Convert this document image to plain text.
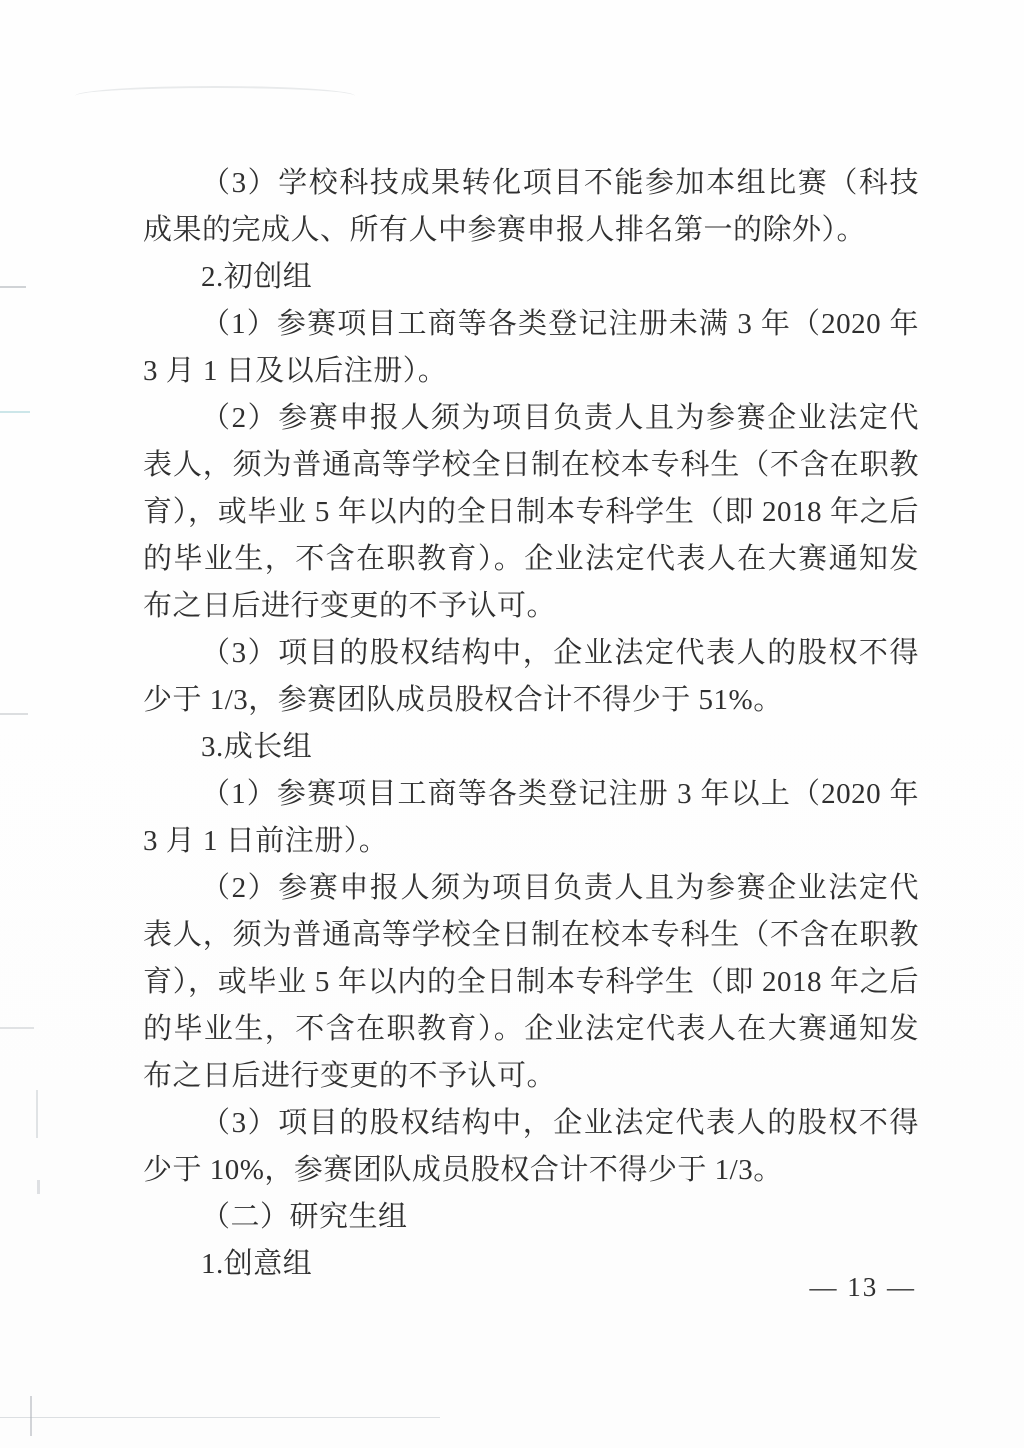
（3）学校科技成果转化项目不能参加本组比赛（科技成果的完成人、所有人中参赛申报人排名第一的除外）。

2.初创组

（1）参赛项目工商等各类登记注册未满 3 年（2020 年 3 月 1 日及以后注册）。

（2）参赛申报人须为项目负责人且为参赛企业法定代表人，须为普通高等学校全日制在校本专科生（不含在职教育），或毕业 5 年以内的全日制本专科学生（即 2018 年之后的毕业生，不含在职教育）。企业法定代表人在大赛通知发布之日后进行变更的不予认可。

（3）项目的股权结构中，企业法定代表人的股权不得少于 1/3，参赛团队成员股权合计不得少于 51%。

3.成长组

（1）参赛项目工商等各类登记注册 3 年以上（2020 年 3 月 1 日前注册）。

（2）参赛申报人须为项目负责人且为参赛企业法定代表人，须为普通高等学校全日制在校本专科生（不含在职教育），或毕业 5 年以内的全日制本专科学生（即 2018 年之后的毕业生，不含在职教育）。企业法定代表人在大赛通知发布之日后进行变更的不予认可。

（3）项目的股权结构中，企业法定代表人的股权不得少于 10%，参赛团队成员股权合计不得少于 1/3。

（二）研究生组

1.创意组

— 13 —
